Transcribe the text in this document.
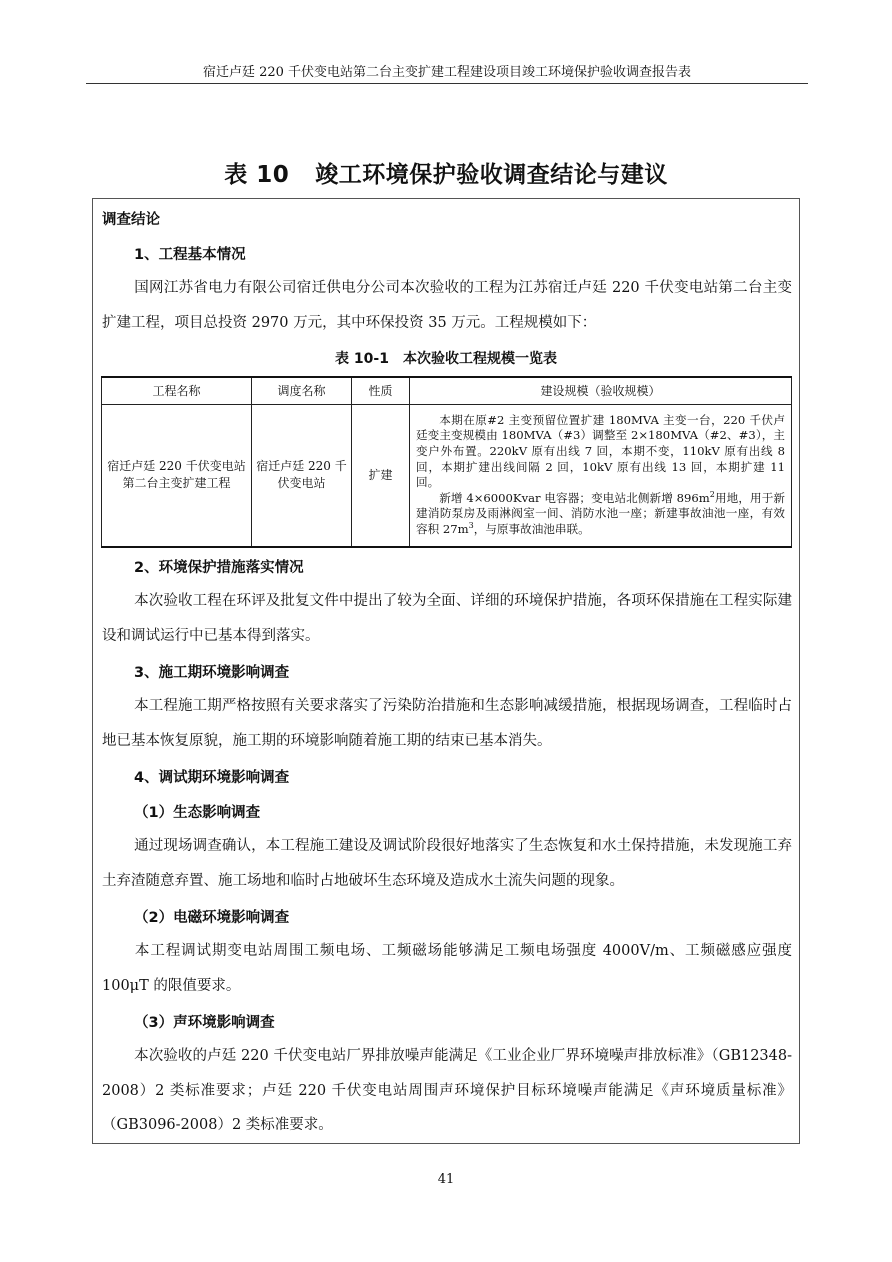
宿迁卢廷 220 千伏变电站第二台主变扩建工程建设项目竣工环境保护验收调查报告表
表 10 竣工环境保护验收调查结论与建议
调查结论
1、工程基本情况
国网江苏省电力有限公司宿迁供电分公司本次验收的工程为江苏宿迁卢廷 220 千伏变电站第二台主变扩建工程，项目总投资 2970 万元，其中环保投资 35 万元。工程规模如下：
表 10-1　本次验收工程规模一览表
工程名称	调度名称	性质	建设规模（验收规模）
宿迁卢廷 220 千伏变电站第二台主变扩建工程	宿迁卢廷 220 千伏变电站	扩建	本期在原#2 主变预留位置扩建 180MVA 主变一台，220 千伏卢廷变主变规模由 180MVA（#3）调整至 2×180MVA（#2、#3），主变户外布置。220kV 原有出线 7 回，本期不变，110kV 原有出线 8 回，本期扩建出线间隔 2 回，10kV 原有出线 13 回，本期扩建 11 回。
新增 4×6000Kvar 电容器；变电站北侧新增 $896m^2$用地，用于新建消防泵房及雨淋阀室一间、消防水池一座；新建事故油池一座，有效容积 $27m^3$，与原事故油池串联。
2、环境保护措施落实情况
本次验收工程在环评及批复文件中提出了较为全面、详细的环境保护措施，各项环保措施在工程实际建设和调试运行中已基本得到落实。
3、施工期环境影响调查
本工程施工期严格按照有关要求落实了污染防治措施和生态影响减缓措施，根据现场调查，工程临时占地已基本恢复原貌，施工期的环境影响随着施工期的结束已基本消失。
4、调试期环境影响调查
（1）生态影响调查
通过现场调查确认，本工程施工建设及调试阶段很好地落实了生态恢复和水土保持措施，未发现施工弃土弃渣随意弃置、施工场地和临时占地破坏生态环境及造成水土流失问题的现象。
（2）电磁环境影响调查
本工程调试期变电站周围工频电场、工频磁场能够满足工频电场强度 4000V/m、工频磁感应强度 100μT 的限值要求。
（3）声环境影响调查
本次验收的卢廷 220 千伏变电站厂界排放噪声能满足《工业企业厂界环境噪声排放标准》（GB12348-2008）2 类标准要求；卢廷 220 千伏变电站周围声环境保护目标环境噪声能满足《声环境质量标准》（GB3096-2008）2 类标准要求。
41
